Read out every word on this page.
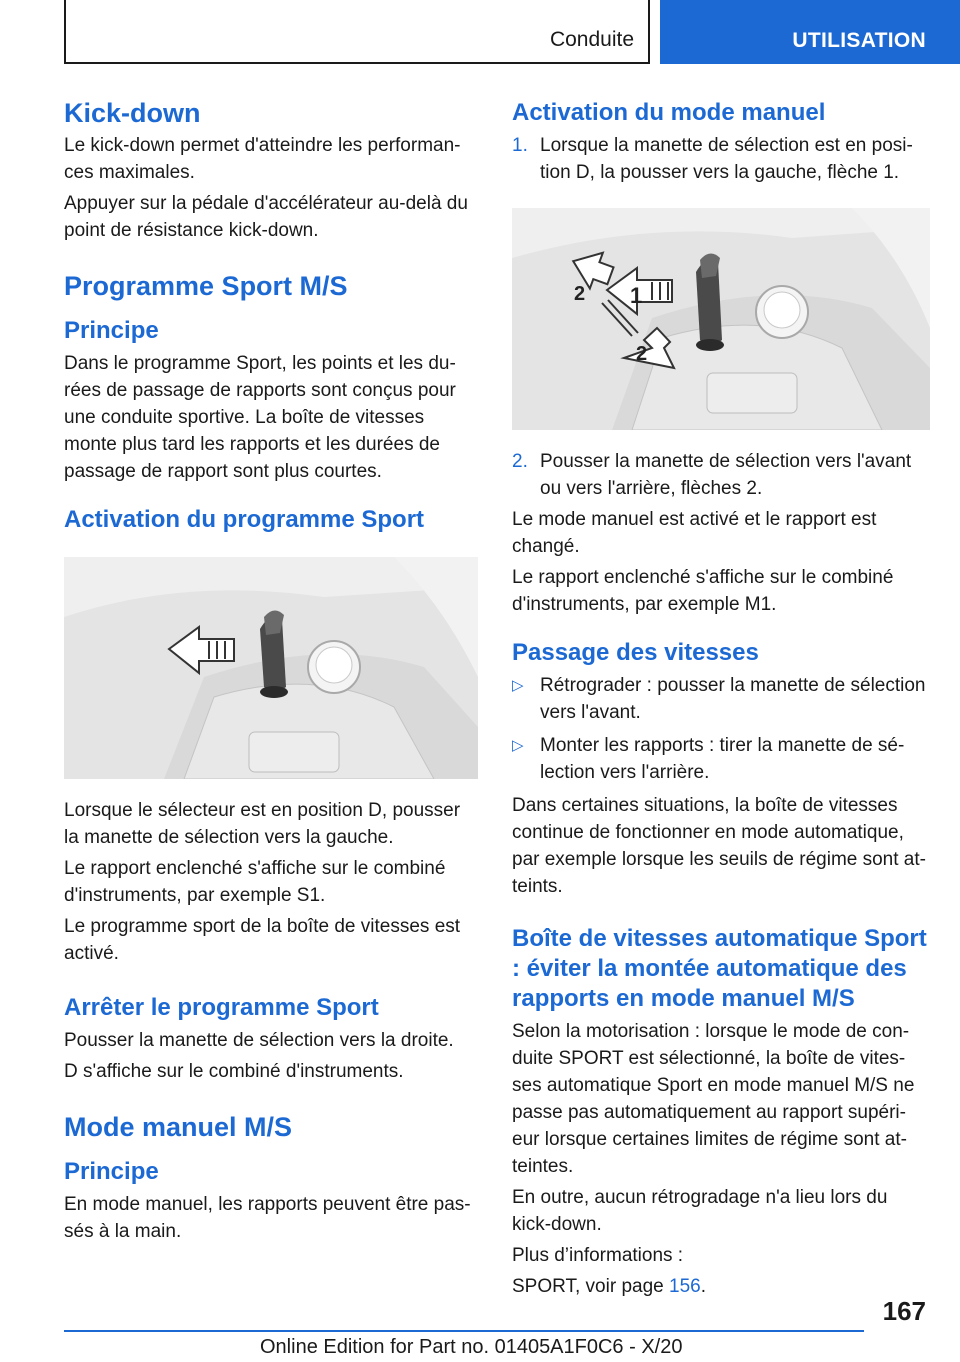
Conduite	UTILISATION
Kick-down

Le kick-down permet d'atteindre les performan- ces maximales.

Appuyer sur la pédale d'accélérateur au-delà du point de résistance kick-down.

Programme Sport M/S
Principe

Dans le programme Sport, les points et les du- rées de passage de rapports sont conçus pour une conduite sportive. La boîte de vitesses monte plus tard les rapports et les durées de passage de rapport sont plus courtes.

Activation du programme Sport

Lorsque le sélecteur est en position D, pousser la manette de sélection vers la gauche.

Le rapport enclenché s'affiche sur le combiné d'instruments, par exemple S1.

Le programme sport de la boîte de vitesses est activé.

Arrêter le programme Sport

Pousser la manette de sélection vers la droite.

D s'affiche sur le combiné d'instruments.

Mode manuel M/S
Principe

En mode manuel, les rapports peuvent être pas- sés à la main.

Activation du mode manuel
1. Lorsque la manette de sélection est en posi- tion D, la pousser vers la gauche, flèche 1.
1
2
2
2. Pousser la manette de sélection vers l'avant ou vers l'arrière, flèches 2.

Le mode manuel est activé et le rapport est changé.

Le rapport enclenché s'affiche sur le combiné d'instruments, par exemple M1.

Passage des vitesses
▷ Rétrograder : pousser la manette de sélection vers l'avant.
▷ Monter les rapports : tirer la manette de sé- lection vers l'arrière.

Dans certaines situations, la boîte de vitesses continue de fonctionner en mode automatique, par exemple lorsque les seuils de régime sont at- teints.

Boîte de vitesses automatique Sport : éviter la montée automatique des rapports en mode manuel M/S

Selon la motorisation : lorsque le mode de con- duite SPORT est sélectionné, la boîte de vites- ses automatique Sport en mode manuel M/S ne passe pas automatiquement au rapport supéri- eur lorsque certaines limites de régime sont at- teintes.

En outre, aucun rétrogradage n'a lieu lors du kick-down.

Plus d’informations :

SPORT, voir page 156.

167
Online Edition for Part no. 01405A1F0C6 - X/20
